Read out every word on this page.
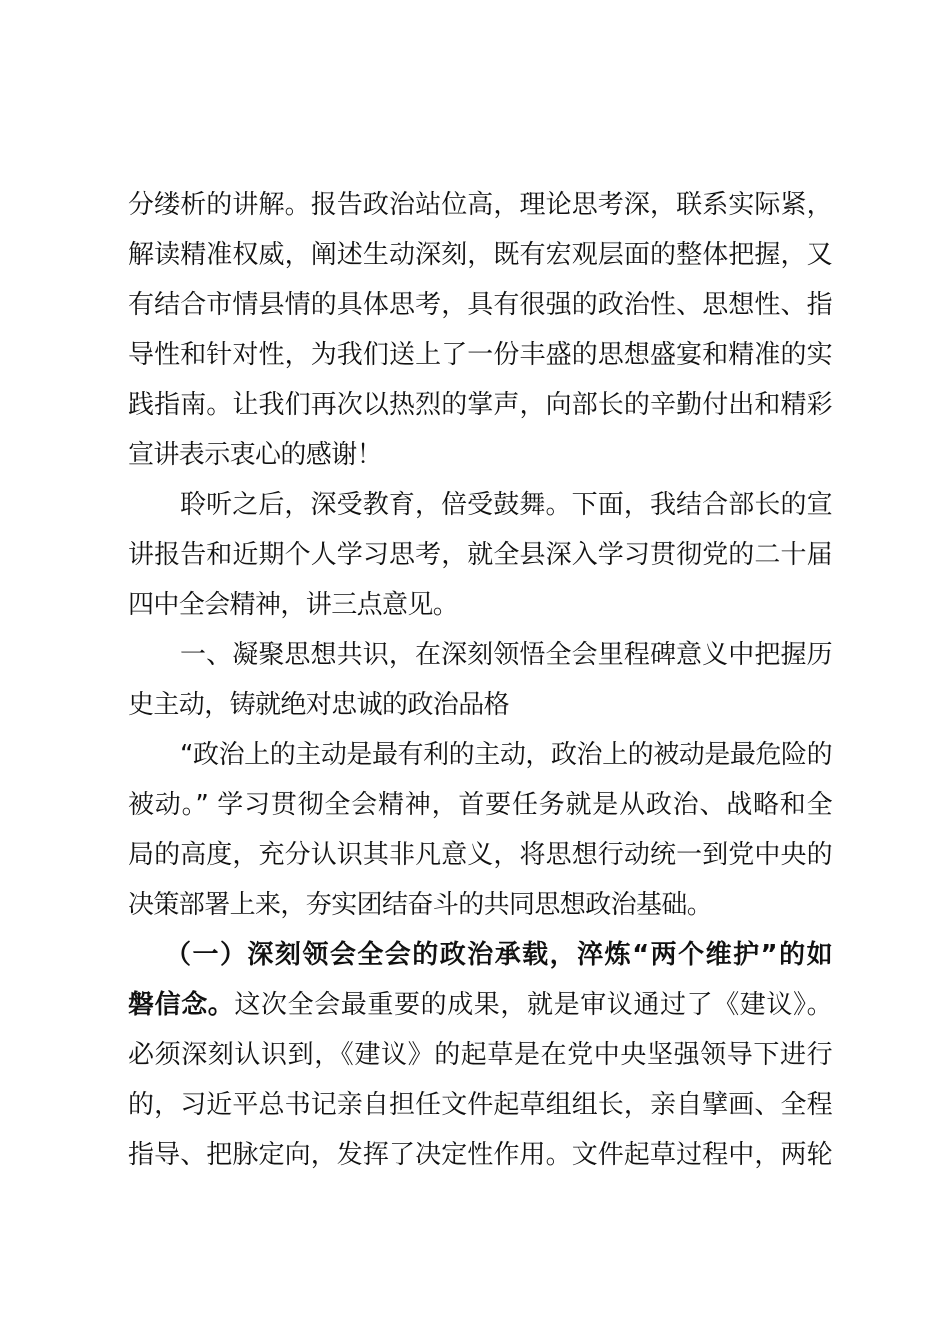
分缕析的讲解。报告政治站位高，理论思考深，联系实际紧，
解读精准权威，阐述生动深刻，既有宏观层面的整体把握，又
有结合市情县情的具体思考，具有很强的政治性、思想性、指
导性和针对性，为我们送上了一份丰盛的思想盛宴和精准的实
践指南。让我们再次以热烈的掌声，向部长的辛勤付出和精彩
宣讲表示衷心的感谢！
聆听之后，深受教育，倍受鼓舞。下面，我结合部长的宣
讲报告和近期个人学习思考，就全县深入学习贯彻党的二十届
四中全会精神，讲三点意见。
一、凝聚思想共识，在深刻领悟全会里程碑意义中把握历
史主动，铸就绝对忠诚的政治品格
“政治上的主动是最有利的主动，政治上的被动是最危险的
被动。” 学习贯彻全会精神，首要任务就是从政治、战略和全
局的高度，充分认识其非凡意义，将思想行动统一到党中央的
决策部署上来，夯实团结奋斗的共同思想政治基础。
（一）深刻领会全会的政治承载，淬炼“两个维护”的如
磐信念。这次全会最重要的成果，就是审议通过了《建议》。
必须深刻认识到，《建议》的起草是在党中央坚强领导下进行
的，习近平总书记亲自担任文件起草组组长，亲自擘画、全程
指导、把脉定向，发挥了决定性作用。文件起草过程中，两轮
